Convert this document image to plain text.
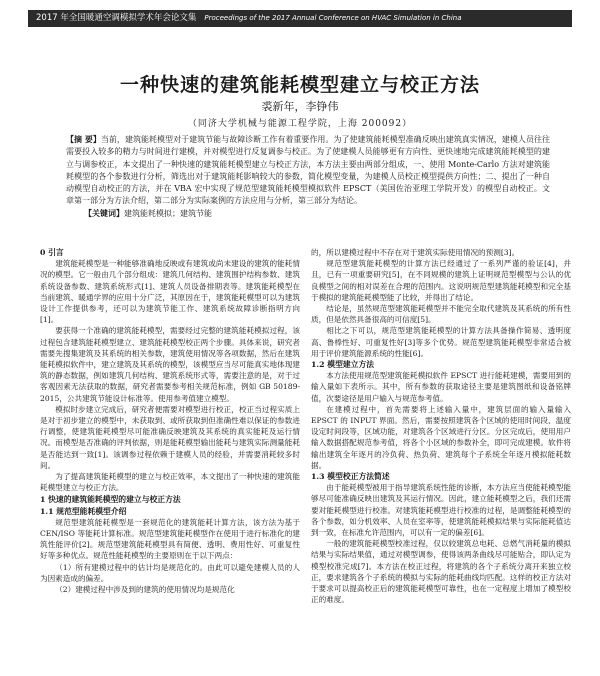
2017 年全国暖通空调模拟学术年会论文集 Proceedings of the 2017 Annual Conference on HVAC Simulation in China
一种快速的建筑能耗模型建立与校正方法
裘新年，李铮伟
（同济大学机械与能源工程学院，上海 200092）
【摘 要】当前，建筑能耗模型对于建筑节能与故障诊断工作有着重要作用。为了使建筑能耗模型准确反映出建筑真实情况，建模人员往往需要投入较多的精力与时间进行建模，并对模型进行反复调参与校正。为了使建模人员能够更有方向性、更快速地完成建筑能耗模型的建立与调参校正，本文提出了一种快速的建筑能耗模型建立与校正方法，本方法主要由两部分组成，一、使用 Monte-Carlo 方法对建筑能耗模型的各个参数进行分析，筛选出对于建筑能耗影响较大的参数，简化模型变量，为建模人员校正模型提供方向性；二、提出了一种自动模型自动校正的方法，并在 VBA 宏中实现了规范型建筑能耗模型模拟软件 EPSCT（美国佐治亚理工学院开发）的模型自动校正。文章第一部分为方法介绍，第二部分为实际案例的方法应用与分析，第三部分为结论。
【关键词】建筑能耗模拟；建筑节能
0 引言

建筑能耗模型是一种能够准确地反映或有建筑或尚未建设的建筑的能耗情况的模型。它一般由几个部分组成：建筑几何结构、建筑围护结构参数、建筑系统设备参数、建筑系统形式[1]、建筑人员设备排期表等。建筑能耗模型在当前建筑、暖通学界的应用十分广泛，其原因在于，建筑能耗模型可以为建筑设计工作提供参考，还可以为建筑节能工作、建筑系统故障诊断指明方向[1]。

要获得一个准确的建筑能耗模型，需要经过完整的建筑能耗模拟过程，该过程包含建筑能耗模型建立、建筑能耗模型校正两个步骤。具体来说，研究者需要先搜集建筑及其系统的相关参数，建筑使用情况等各项数据，然后在建筑能耗模拟软件中，建立建筑及其系统的模型，该模型应当尽可能真实地体现建筑的静态数据，例如建筑几何结构、建筑系统形式等，需要注意的是，对于过客观因素无法获取的数据，研究者需要参考相关规范标准，例如 GB 50189-2015，公共建筑节能设计标准等。使用参考值建立模型。

模拟时步建立完成后，研究者便需要对模型进行校正，校正当过程实质上是对于初步建立的模型中，未获取到、或所获取到但准确性难以保证的参数进行调整，使建筑能耗模型尽可能准确反映建筑及其系统的真实能耗及运行情况。而模型是否准确的评判依据，则是能耗模型输出能耗与建筑实际测量能耗是否能达到一致[1]。该调参过程依赖于建模人员的经验，并需要消耗较多时间。

为了提高建筑能耗模型的建立与校正效率，本文提出了一种快速的建筑能耗模型建立与校正方法。

1 快速的建筑能耗模型的建立与校正方法
1.1 规范型能耗模型介绍

规范型建筑能耗模型是一套规范化的建筑能耗计算方法，该方法为基于 CEN/ISO 等能耗计算标准。规范型建筑能耗模型作在使用于进行标准化的建筑性能评价[2]。规范型建筑能耗模型具有简便、透明、费用性好、可重复性好等多种优点。规范性能耗模型的主要原则在于以下两点：

（1）所有建模过程中的估计均是规范化的。由此可以避免建模人员的人为因素造成的偏差。

（2）建模过程中涉及到的建筑的使用情况均是规范化

的，所以建模过程中不存在对于建筑实际使用情况的预测[3]。

规范型建筑能耗模型的计算方法已经通过了一系列严谨的验证[4]，并且，已有一项重要研究[5]，在不同规模的建筑上证明规范型模型与公认的优良模型之间的相对误差在合理的范围内。这说明规范型建筑能耗模型和完全基于模拟的建筑能耗模型能了比较，并得出了结论。

结论是，虽然规范型建筑能耗模型并不能完全取代建筑及其系统的所有性质，但是依然具备很高的可信度[5]。

相比之下可以，规范型建筑能耗模型的计算方法具备操作简易、透明度高、鲁棒性好、可重复性好[3]等多个优势。规范型建筑能耗模型非常适合被用于评价建筑能源系统的性能[6]。

1.2 模型建立方法

本方法使用规范型建筑能耗模拟软件 EPSCT 进行能耗建模，需要用到的输入量如下表所示。其中，所有参数的获取途径主要是建筑图纸和设备铭牌值，次要途径是用户输入与规范参考值。

在建模过程中，首先需要将上述输入量中，建筑层面的输入量输入 EPSCT 的 INPUT 界面。然后，需要按照建筑各个区域的使用时间段、温度设定时间段等，区域功能，对建筑各个区域进行分区。分区完成后，使用用户输入数据搭配规范参考值，将各个小区域的参数补全，即可完成建模。软件将输出建筑全年逐月的冷负荷、热负荷、建筑每个子系统全年逐月模拟能耗数据。

1.3 模型校正方法简述

由于能耗模型被用于指导建筑系统性能的诊断，本方法应当使能耗模型能够尽可能准确反映出建筑及其运行情况。因此，建立能耗模型之后，我们还需要对能耗模型进行校准。对建筑能耗模型进行校准的过程，是调整能耗模型的各个参数，如分机效率、人员在室率等，使建筑能耗模拟结果与实际能耗值达到一致，在标准允许范围内，可以有一定的偏差[6]。

一般的建筑能耗模型校准过程，仅以较建筑总电耗、总燃气消耗量的模拟结果与实际结果值，通过对模型调参，使得该两条曲线尽可能贴合，即认定为模型校准完成[7]。本方法在校正过程，将建筑的各个子系统分离开来独立校正，要求建筑各个子系统的模拟与实际的能耗曲线均匹配。这样的校正方法对于要求可以提高校正后的建筑能耗模型可靠性，也在一定程度上增加了模型校正的难度。
